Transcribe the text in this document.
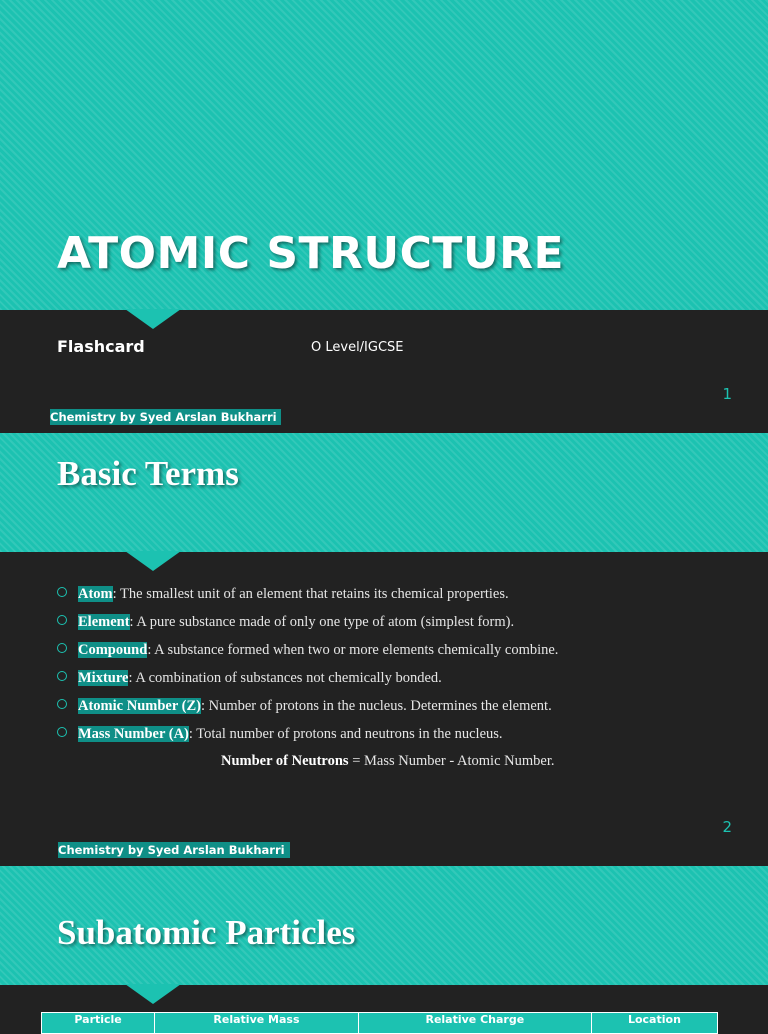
ATOMIC STRUCTURE
Flashcard	O Level/IGCSE
1
Chemistry by Syed Arslan Bukharri
Basic Terms
2
Chemistry by Syed Arslan Bukharri
Atom: The smallest unit of an element that retains its chemical properties.
Element: A pure substance made of only one type of atom (simplest form).
Compound: A substance formed when two or more elements chemically combine.
Mixture: A combination of substances not chemically bonded.
Atomic Number (Z): Number of protons in the nucleus. Determines the element.
Mass Number (A): Total number of protons and neutrons in the nucleus.
Number of Neutrons = Mass Number - Atomic Number.
Subatomic Particles
Particle	Relative Mass	Relative Charge	Location
